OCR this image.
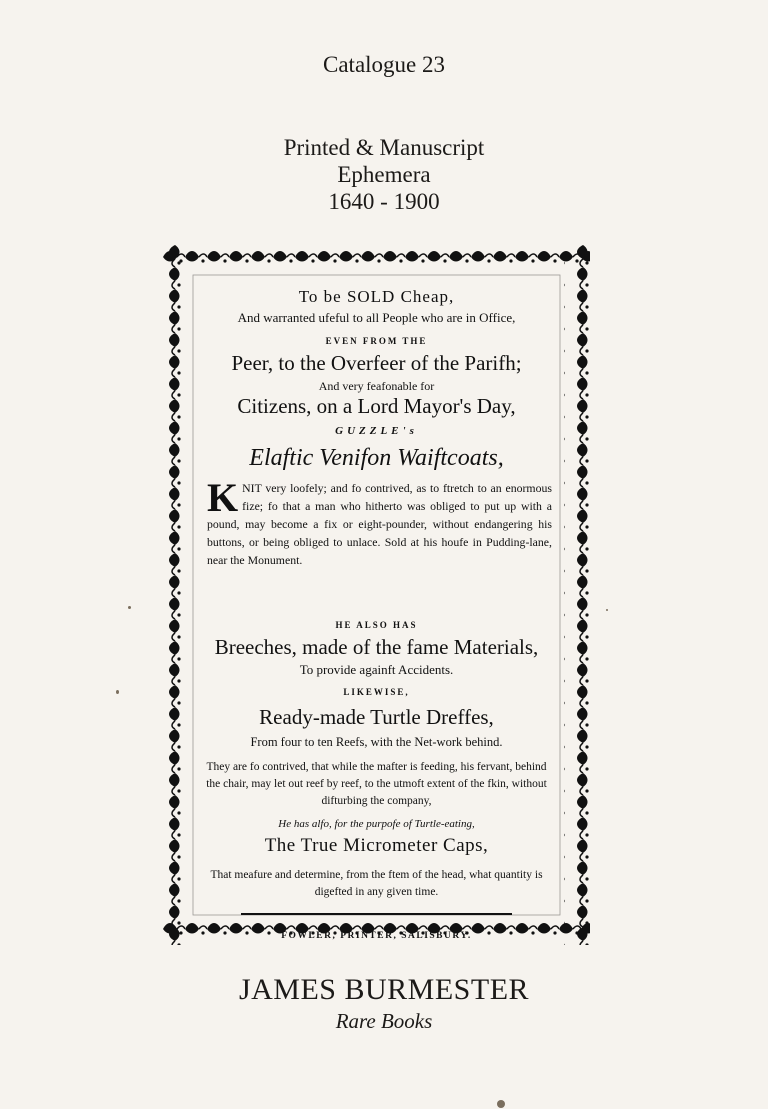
Catalogue 23
Printed & Manuscript
Ephemera
1640 - 1900
To be SOLD Cheap,
And warranted ufeful to all People who are in Office,
EVEN FROM THE
Peer, to the Overfeer of the Parifh;
And very feafonable for
Citizens, on a Lord Mayor's Day,
GUZZLE's
Elaftic Venifon Waiftcoats,
K NIT very loofely; and fo contrived, as to ftretch to an enormous fize; fo that a man who hitherto was obliged to put up with a pound, may become a fix or eight-pounder, without endangering his buttons, or being obliged to unlace. Sold at his houfe in Pudding-lane, near the Monument.
HE ALSO HAS
Breeches, made of the fame Materials,
To provide againft Accidents.
LIKEWISE,
Ready-made Turtle Dreffes,
From four to ten Reefs, with the Net-work behind.
They are fo contrived, that while the mafter is feeding, his fervant, behind the chair, may let out reef by reef, to the utmoft extent of the fkin, without difturbing the company,
He has alfo, for the purpofe of Turtle-eating,
The True Micrometer Caps,
That meafure and determine, from the ftem of the head, what quantity is digefted in any given time.
FOWLER, PRINTER, SALISBURY.
JAMES BURMESTER
Rare Books
